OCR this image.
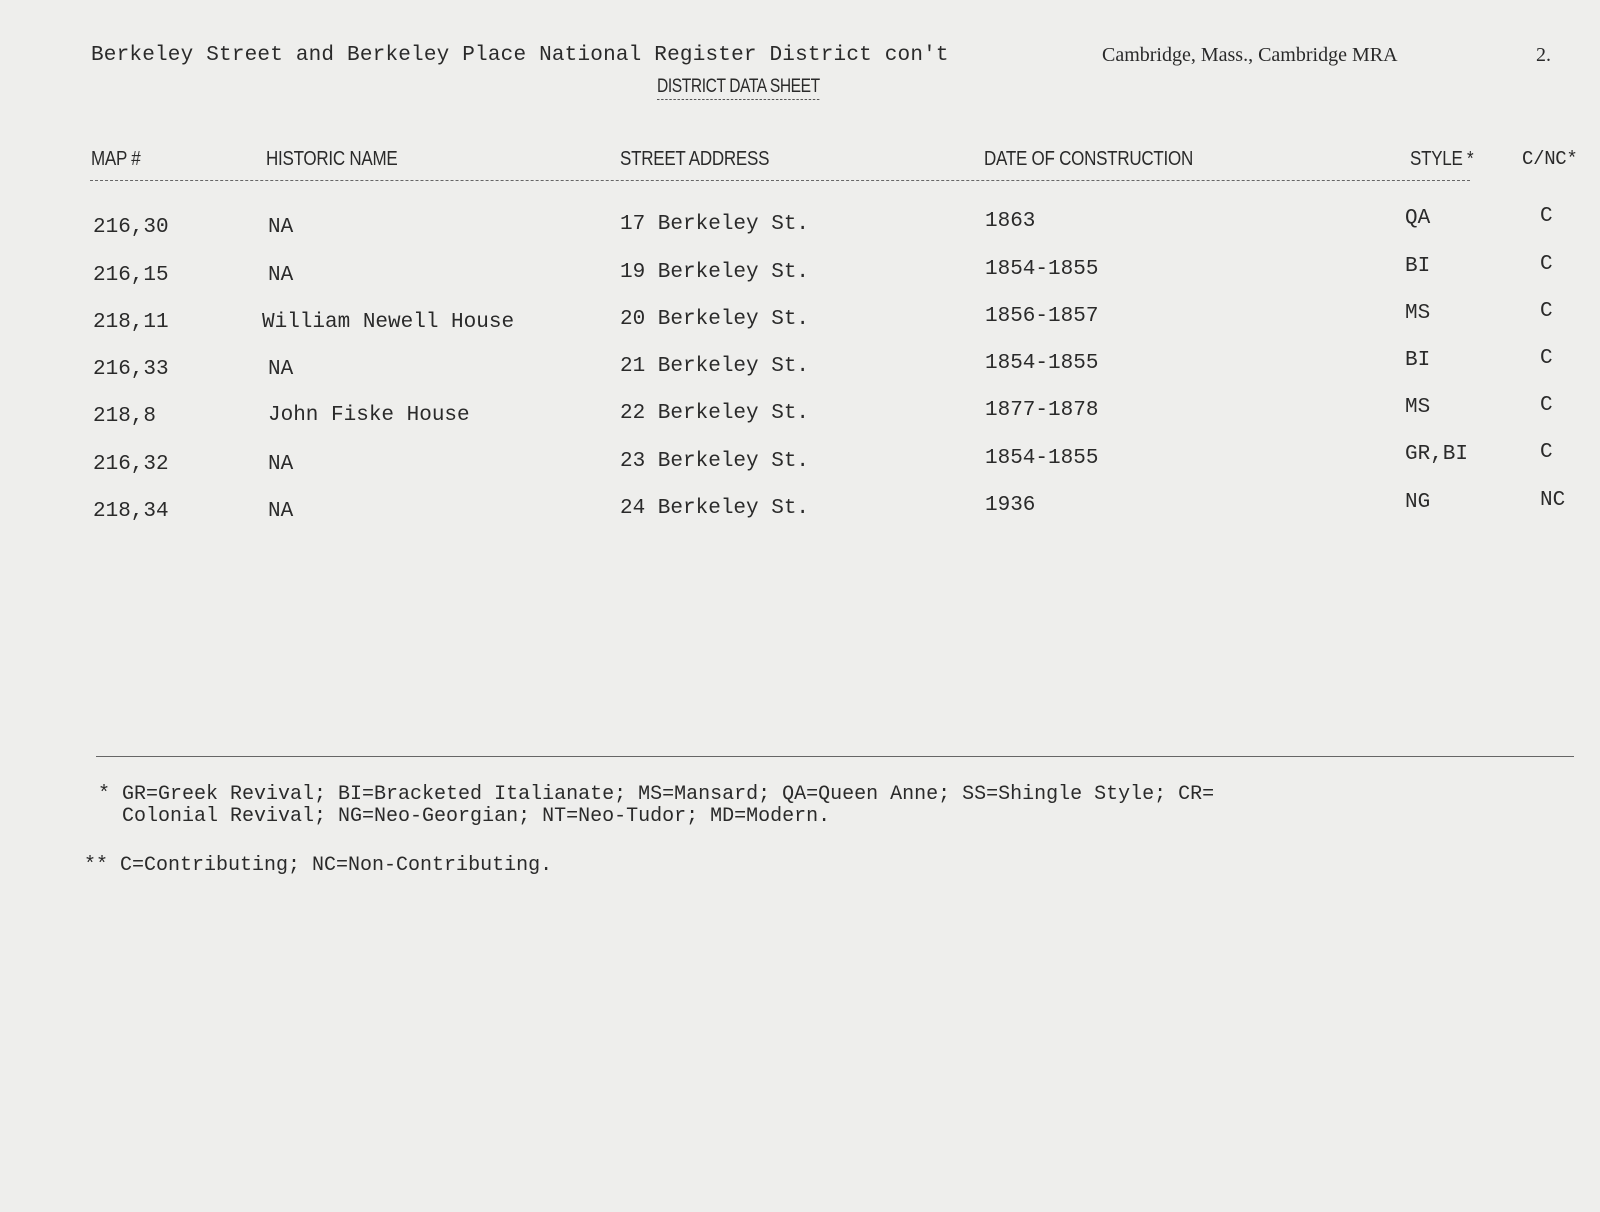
Berkeley Street and Berkeley Place National Register District con't	Cambridge, Mass., Cambridge MRA	2.
DISTRICT DATA SHEET
MAP #	HISTORIC NAME	STREET ADDRESS	DATE OF CONSTRUCTION	STYLE *	C/NC*
216,30	NA	17 Berkeley St.	1863	QA	C
216,15	NA	19 Berkeley St.	1854-1855	BI	C
218,11	William Newell House	20 Berkeley St.	1856-1857	MS	C
216,33	NA	21 Berkeley St.	1854-1855	BI	C
218,8	John Fiske House	22 Berkeley St.	1877-1878	MS	C
216,32	NA	23 Berkeley St.	1854-1855	GR,BI	C
218,34	NA	24 Berkeley St.	1936	NG	NC
* GR=Greek Revival; BI=Bracketed Italianate; MS=Mansard; QA=Queen Anne; SS=Shingle Style; CR=
Colonial Revival; NG=Neo-Georgian; NT=Neo-Tudor; MD=Modern.
** C=Contributing; NC=Non-Contributing.
